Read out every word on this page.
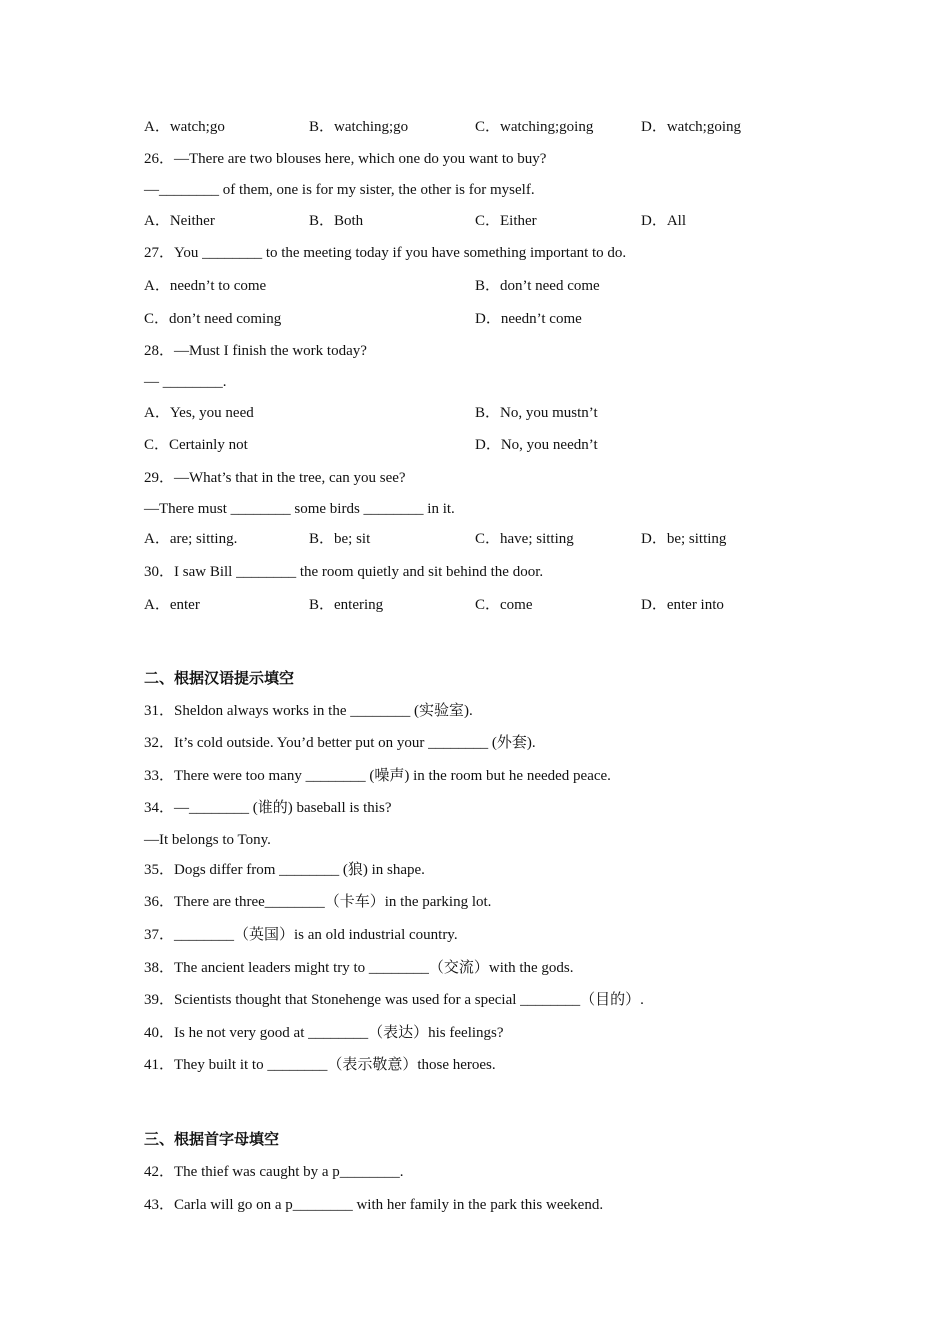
A．watch;go	B．watching;go	C．watching;going	D．watch;going
26．—There are two blouses here, which one do you want to buy?
—________ of them, one is for my sister, the other is for myself.
A．Neither	B．Both	C．Either	D．All
27．You ________ to the meeting today if you have something important to do.
A．needn’t to come	B．don’t need come
C．don’t need coming	D．needn’t come
28．—Must I finish the work today?
— ________.
A．Yes, you need	B．No, you mustn’t
C．Certainly not	D．No, you needn’t
29．—What’s that in the tree, can you see?
—There must ________ some birds ________ in it.
A．are; sitting.	B．be; sit	C．have; sitting	D．be; sitting
30．I saw Bill ________ the room quietly and sit behind the door.
A．enter	B．entering	C．come	D．enter into
二、根据汉语提示填空
31．Sheldon always works in the ________ (实验室).
32．It’s cold outside. You’d better put on your ________ (外套).
33．There were too many ________ (噪声) in the room but he needed peace.
34．—________ (谁的) baseball is this?
—It belongs to Tony.
35．Dogs differ from ________ (狼) in shape.
36．There are three________（卡车）in the parking lot.
37．________（英国）is an old industrial country.
38．The ancient leaders might try to ________（交流）with the gods.
39．Scientists thought that Stonehenge was used for a special ________（目的）.
40．Is he not very good at ________（表达）his feelings?
41．They built it to ________（表示敬意）those heroes.
三、根据首字母填空
42．The thief was caught by a p________.
43．Carla will go on a p________ with her family in the park this weekend.
